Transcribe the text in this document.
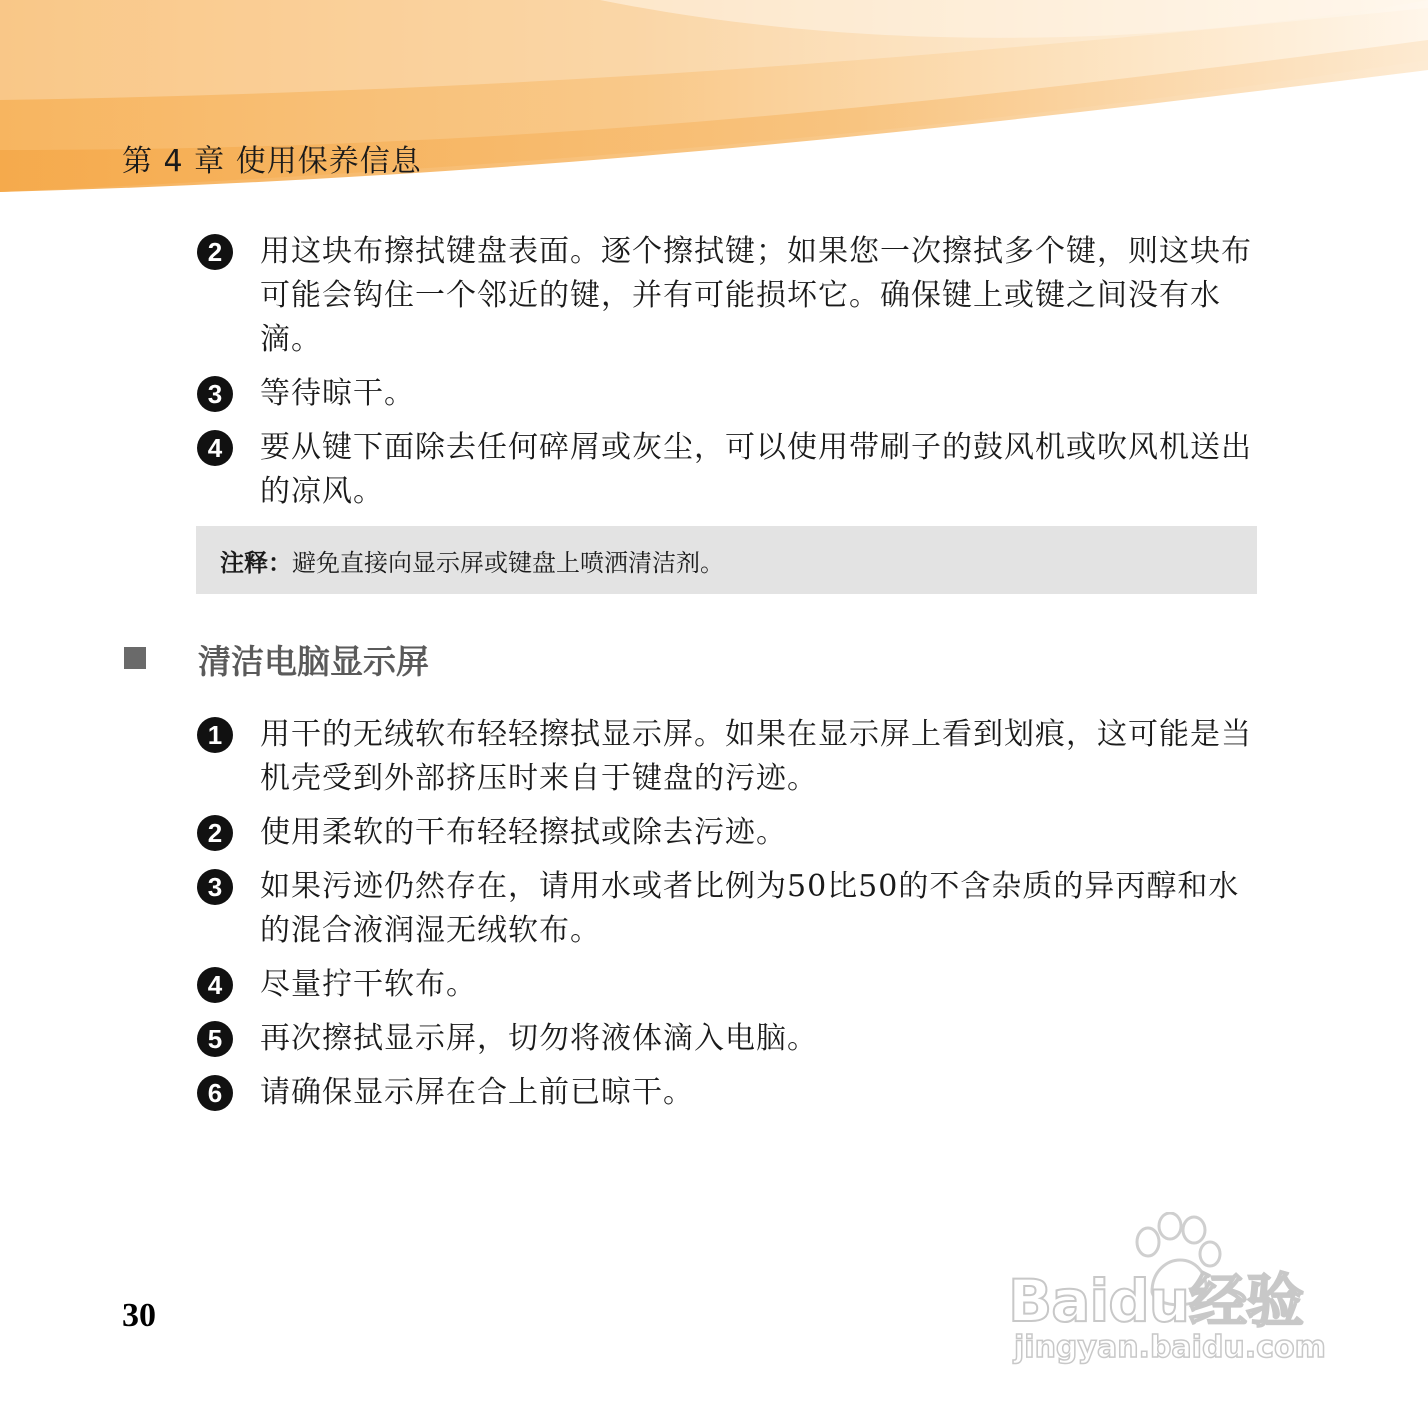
第 4 章 使用保养信息
2	用这块布擦拭键盘表面。逐个擦拭键；如果您一次擦拭多个键，则这块布可能会钩住一个邻近的键，并有可能损坏它。确保键上或键之间没有水滴。
3	等待晾干。
4	要从键下面除去任何碎屑或灰尘，可以使用带刷子的鼓风机或吹风机送出的凉风。
注释： 避免直接向显示屏或键盘上喷洒清洁剂。
清洁电脑显示屏
1	用干的无绒软布轻轻擦拭显示屏。如果在显示屏上看到划痕，这可能是当机壳受到外部挤压时来自于键盘的污迹。
2	使用柔软的干布轻轻擦拭或除去污迹。
3	如果污迹仍然存在，请用水或者比例为50比50的不含杂质的异丙醇和水的混合液润湿无绒软布。
4	尽量拧干软布。
5	再次擦拭显示屏，切勿将液体滴入电脑。
6	请确保显示屏在合上前已晾干。
30	Baidu经验
jingyan.baidu.com
